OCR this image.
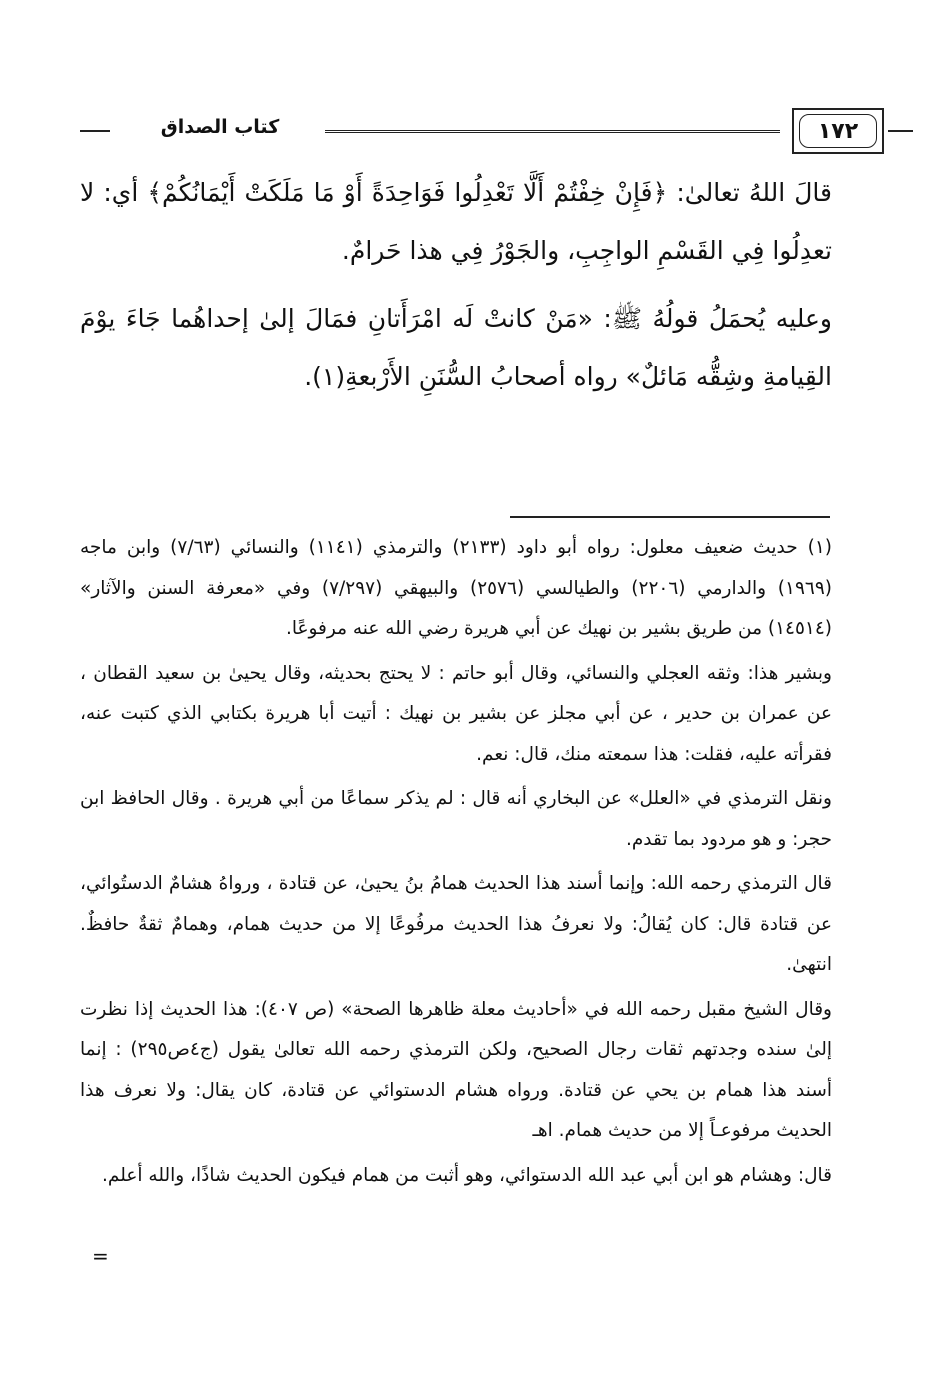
كتاب الصداق	١٧٢

قالَ اللهُ تعالىٰ: ﴿فَإِنْ خِفْتُمْ أَلَّا تَعْدِلُوا فَوَاحِدَةً أَوْ مَا مَلَكَتْ أَيْمَانُكُمْ﴾ أي: لا تعدِلُوا فِي القَسْمِ الواجِبِ، والجَوْرُ فِي هذا حَرامٌ.

وعليه يُحمَلُ قولُهُ ﷺ: «مَنْ كانتْ لَه امْرَأَتانِ فمَالَ إلىٰ إحداهُما جَاءَ يوْمَ القِيامةِ وشِقُّه مَائلٌ» رواه أصحابُ السُّنَنِ الأَرْبعةِ(١).

(١) حديث ضعيف معلول: رواه أبو داود (٢١٣٣) والترمذي (١١٤١) والنسائي (٧/٦٣) وابن ماجه (١٩٦٩) والدارمي (٢٢٠٦) والطيالسي (٢٥٧٦) والبيهقي (٧/٢٩٧) وفي «معرفة السنن والآثار» (١٤٥١٤) من طريق بشير بن نهيك عن أبي هريرة رضي الله عنه مرفوعًا.

وبشير هذا: وثقه العجلي والنسائي، وقال أبو حاتم : لا يحتج بحديثه، وقال يحيىٰ بن سعيد القطان ، عن عمران بن حدير ، عن أبي مجلز عن بشير بن نهيك : أتيت أبا هريرة بكتابي الذي كتبت عنه، فقرأته عليه، فقلت: هذا سمعته منك، قال: نعم.

ونقل الترمذي في «العلل» عن البخاري أنه قال : لم يذكر سماعًا من أبي هريرة . وقال الحافظ ابن حجر: و هو مردود بما تقدم.

قال الترمذي رحمه الله: وإنما أسند هذا الحديث همامُ بنُ يحيىٰ، عن قتادة ، ورواهُ هشامٌ الدستُوائي، عن قتادة قال: كان يُقالُ: ولا نعرفُ هذا الحديث مرفُوعًا إلا من حديث همام، وهمامٌ ثقةٌ حافظٌ. انتهىٰ.

وقال الشيخ مقبل رحمه الله في «أحاديث معلة ظاهرها الصحة» (ص ٤٠٧): هذا الحديث إذا نظرت إلىٰ سنده وجدتهم ثقات رجال الصحيح، ولكن الترمذي رحمه الله تعالىٰ يقول (ج٤ص٢٩٥) : إنما أسند هذا همام بن يحي عن قتادة. ورواه هشام الدستوائي عن قتادة، كان يقال: ولا نعرف هذا الحديث مرفوعـاً إلا من حديث همام. اهـ

قال: وهشام هو ابن أبي عبد الله الدستوائي، وهو أثبت من همام فيكون الحديث شاذًا، والله أعلم.

=
